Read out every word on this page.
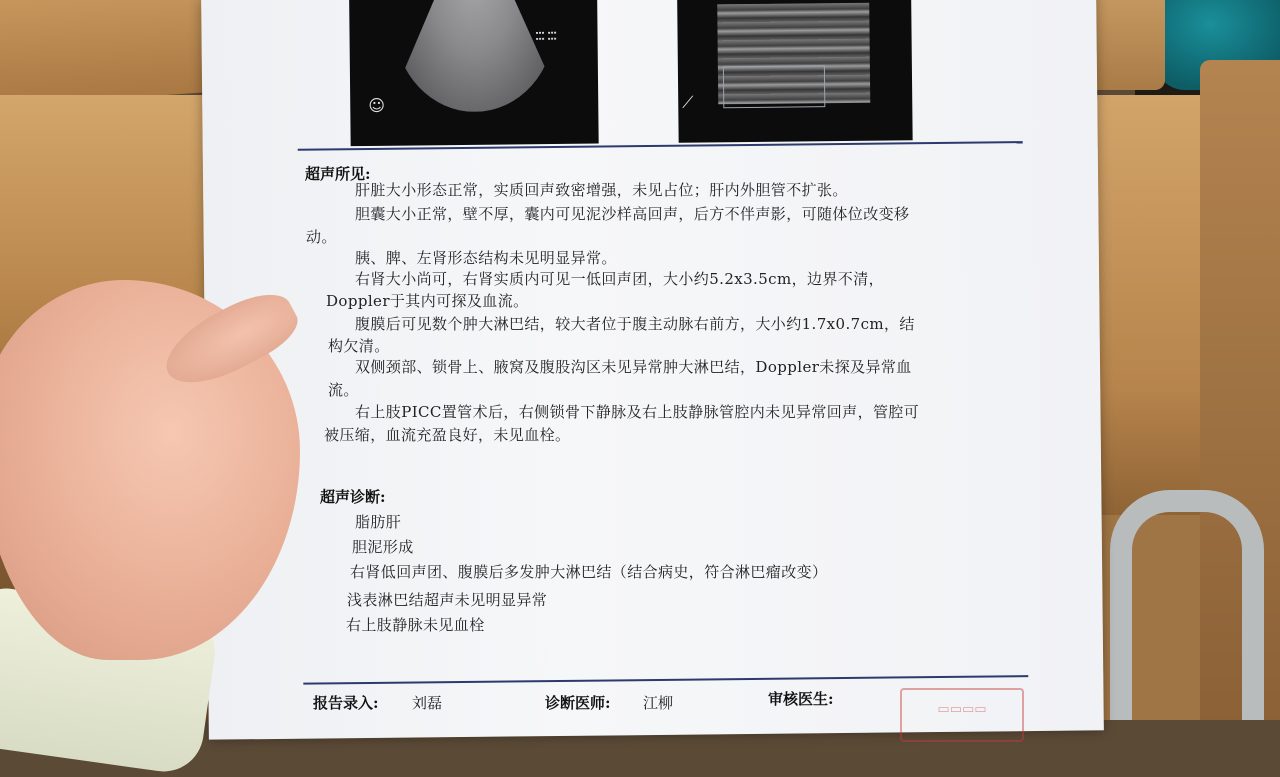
▪▪▪ ▪▪▪
▪▪▪ ▪▪▪
☺	⟋
超声所见:
肝脏大小形态正常，实质回声致密增强，未见占位；肝内外胆管不扩张。
胆囊大小正常，壁不厚，囊内可见泥沙样高回声，后方不伴声影，可随体位改变移
动。
胰、脾、左肾形态结构未见明显异常。
右肾大小尚可，右肾实质内可见一低回声团，大小约5.2x3.5cm，边界不清，
Doppler于其内可探及血流。
腹膜后可见数个肿大淋巴结，较大者位于腹主动脉右前方，大小约1.7x0.7cm，结
构欠清。
双侧颈部、锁骨上、腋窝及腹股沟区未见异常肿大淋巴结，Doppler未探及异常血
流。
右上肢PICC置管术后，右侧锁骨下静脉及右上肢静脉管腔内未见异常回声，管腔可
被压缩，血流充盈良好，未见血栓。
超声诊断:
脂肪肝
胆泥形成
右肾低回声团、腹膜后多发肿大淋巴结（结合病史，符合淋巴瘤改变）
浅表淋巴结超声未见明显异常
右上肢静脉未见血栓
报告录入: 刘磊	诊断医师: 江柳	审核医生:
▭▭▭▭
